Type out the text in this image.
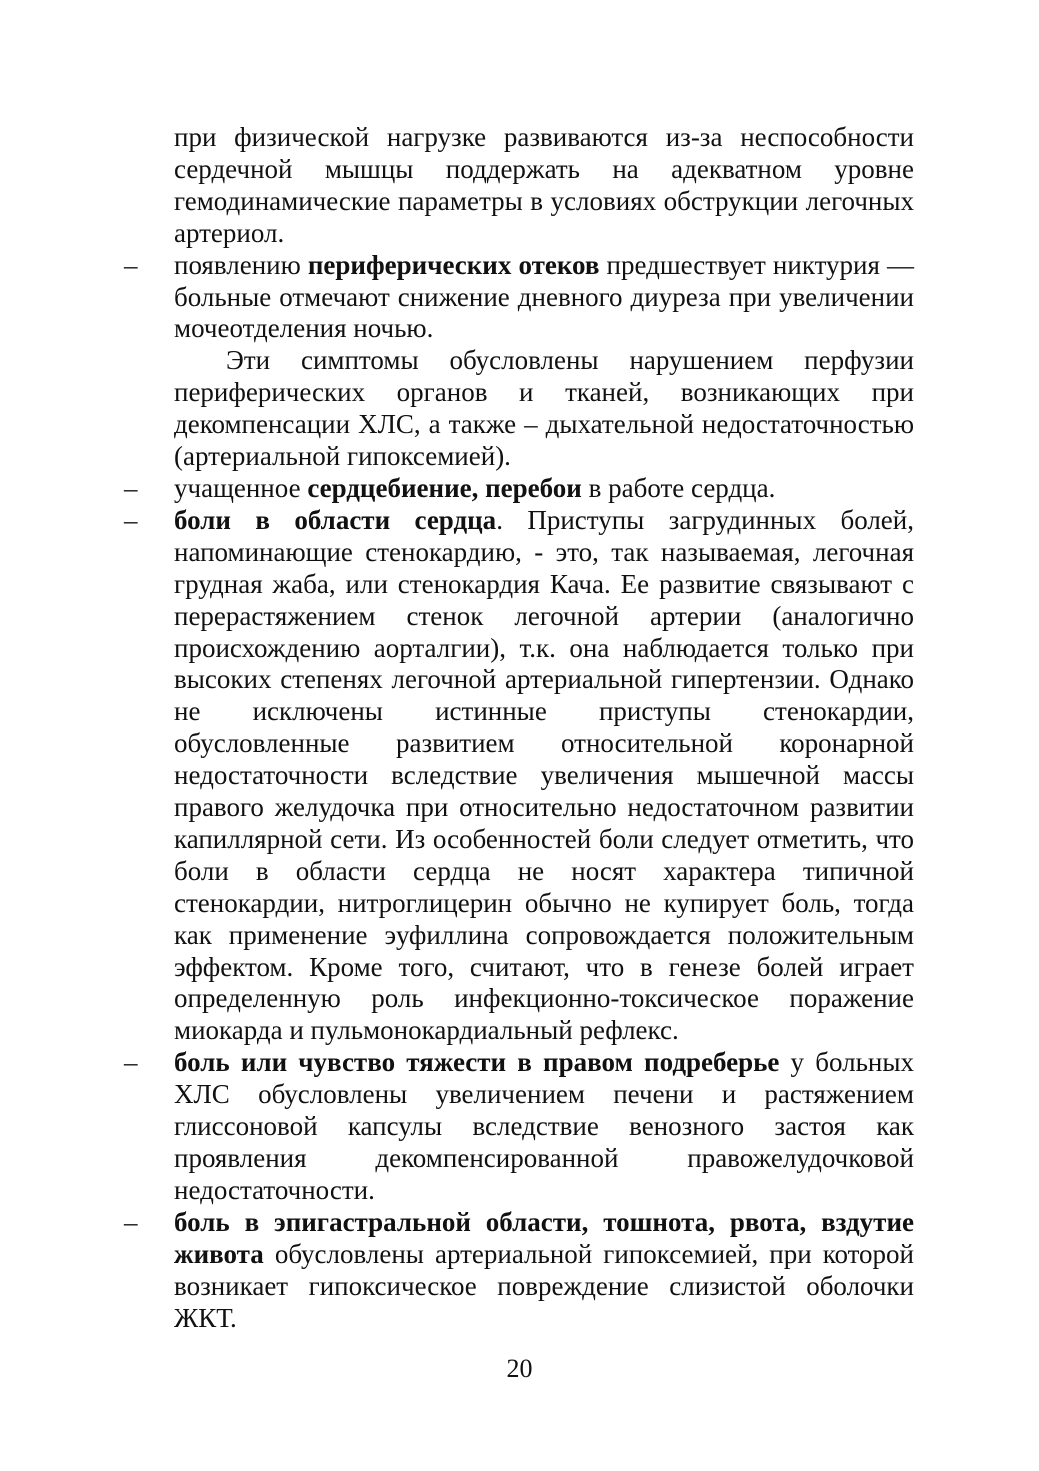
при физической нагрузке развиваются из-за неспособности сердечной мышцы поддержать на адекватном уровне гемодинамические параметры в условиях обструкции легочных артериол.

– появлению периферических отеков предшествует никтурия — больные отмечают снижение дневного диуреза при увеличении мочеотделения ночью.

Эти симптомы обусловлены нарушением перфузии периферических органов и тканей, возникающих при декомпенсации ХЛС, а также – дыхательной недостаточностью (артериальной гипоксемией).

– учащенное сердцебиение, перебои в работе сердца.

– боли в области сердца. Приступы загрудинных болей, напоминающие стенокардию, - это, так называемая, легочная грудная жаба, или стенокардия Кача. Ее развитие связывают с перерастяжением стенок легочной артерии (аналогично происхождению аорталгии), т.к. она наблюдается только при высоких степенях легочной артериальной гипертензии. Однако не исключены истинные приступы стенокардии, обусловленные развитием относительной коронарной недостаточности вследствие увеличения мышечной массы правого желудочка при относительно недостаточном развитии капиллярной сети. Из особенностей боли следует отметить, что боли в области сердца не носят характера типичной стенокардии, нитроглицерин обычно не купирует боль, тогда как применение эуфиллина сопровождается положительным эффектом. Кроме того, считают, что в генезе болей играет определенную роль инфекционно-токсическое поражение миокарда и пульмонокардиальный рефлекс.

– боль или чувство тяжести в правом подреберье у больных ХЛС обусловлены увеличением печени и растяжением глиссоновой капсулы вследствие венозного застоя как проявления декомпенсированной правожелудочковой недостаточности.

– боль в эпигастральной области, тошнота, рвота, вздутие живота обусловлены артериальной гипоксемией, при которой возникает гипоксическое повреждение слизистой оболочки ЖКТ.

20
